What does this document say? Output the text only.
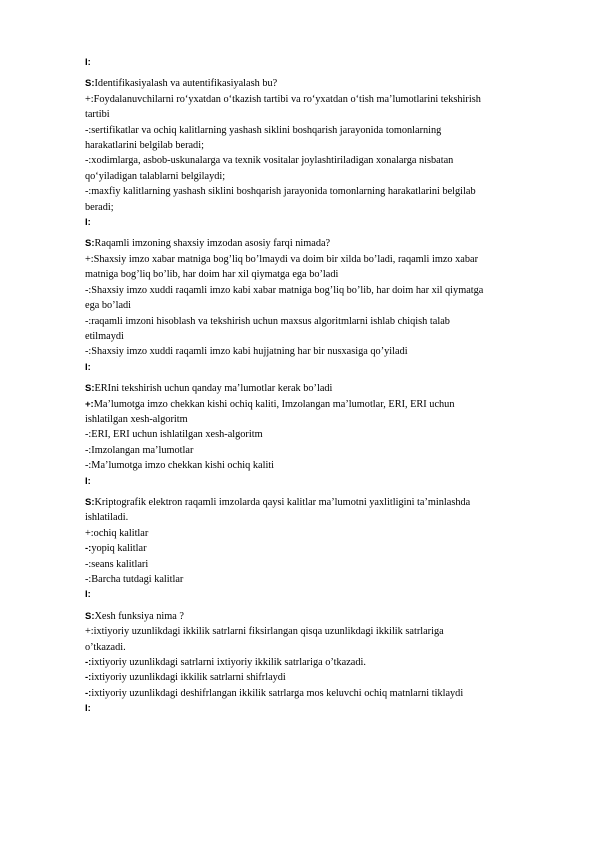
I:

S:Identifikasiyalash va autentifikasiyalash bu?

+:Foydalanuvchilarni ro‘yxatdan o‘tkazish tartibi va ro‘yxatdan o‘tish ma’lumotlarini tekshirish

tartibi

-:sertifikatlar va ochiq kalitlarning yashash siklini boshqarish jarayonida tomonlarning

harakatlarini belgilab beradi;

-:xodimlarga, asbob-uskunalarga va texnik vositalar joylashtiriladigan xonalarga nisbatan

qo‘yiladigan talablarni belgilaydi;

-:maxfiy kalitlarning yashash siklini boshqarish jarayonida tomonlarning harakatlarini belgilab

beradi;

I:

S:Raqamli imzoning shaxsiy imzodan asosiy farqi nimada?

+:Shaxsiy imzo xabar matniga bog’liq bo’lmaydi va doim bir xilda bo’ladi, raqamli imzo xabar

matniga bog’liq bo’lib, har doim har xil qiymatga ega bo’ladi

-:Shaxsiy imzo xuddi raqamli imzo kabi xabar matniga bog’liq bo’lib, har doim har xil qiymatga

ega bo’ladi

-:raqamli imzoni hisoblash va tekshirish uchun maxsus algoritmlarni ishlab chiqish talab

etilmaydi

-:Shaxsiy imzo xuddi raqamli imzo kabi hujjatning har bir nusxasiga qo’yiladi

I:

S:ERIni tekshirish uchun qanday ma’lumotlar kerak bo’ladi

+:Ma’lumotga imzo chekkan kishi ochiq kaliti, Imzolangan ma’lumotlar, ERI, ERI uchun

ishlatilgan xesh-algoritm

-:ERI, ERI uchun ishlatilgan xesh-algoritm

-:Imzolangan ma’lumotlar

-:Ma’lumotga imzo chekkan kishi ochiq kaliti

I:

S:Kriptografik elektron raqamli imzolarda qaysi kalitlar ma’lumotni yaxlitligini ta’minlashda

ishlatiladi.

+:ochiq kalitlar

-:yopiq kalitlar

-:seans kalitlari

-:Barcha tutdagi kalitlar

I:

S:Xesh funksiya nima ?

+:ixtiyoriy uzunlikdagi ikkilik satrlarni fiksirlangan qisqa uzunlikdagi ikkilik satrlariga

o’tkazadi.

-:ixtiyoriy uzunlikdagi satrlarni ixtiyoriy ikkilik satrlariga o’tkazadi.

-:ixtiyoriy uzunlikdagi ikkilik satrlarni shifrlaydi

-:ixtiyoriy uzunlikdagi deshifrlangan ikkilik satrlarga mos keluvchi ochiq matnlarni tiklaydi

I:
